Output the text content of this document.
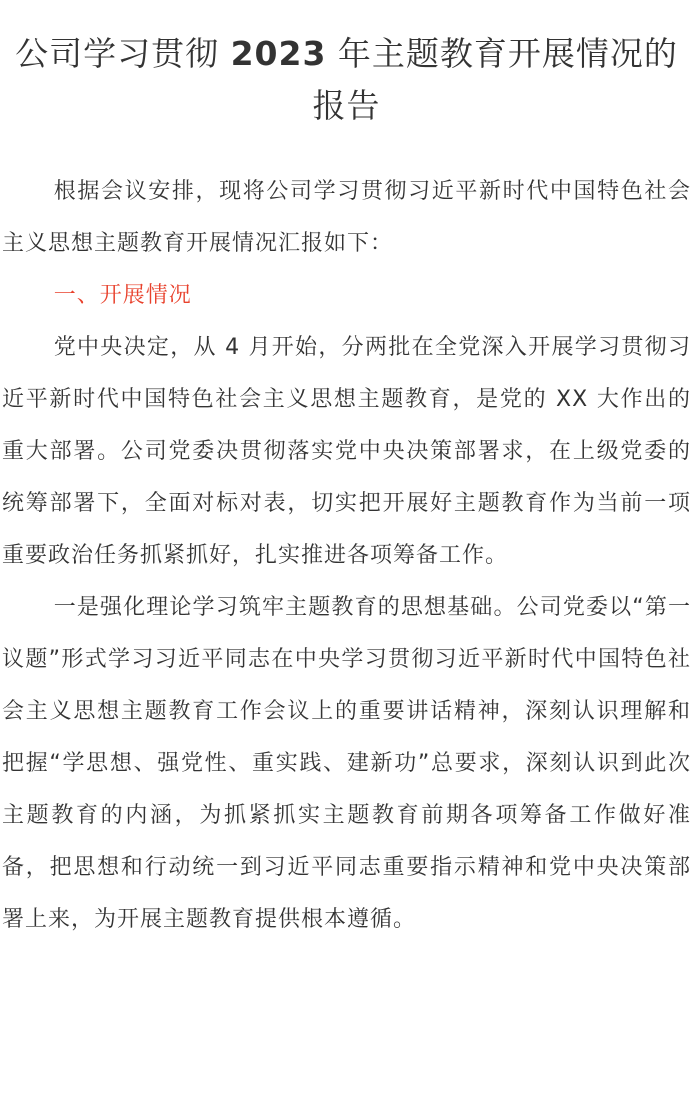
公司学习贯彻 2023 年主题教育开展情况的报告

根据会议安排，现将公司学习贯彻习近平新时代中国特色社会主义思想主题教育开展情况汇报如下：

一、开展情况

党中央决定，从 4 月开始，分两批在全党深入开展学习贯彻习近平新时代中国特色社会主义思想主题教育，是党的 XX 大作出的重大部署。公司党委决贯彻落实党中央决策部署求，在上级党委的统筹部署下，全面对标对表，切实把开展好主题教育作为当前一项重要政治任务抓紧抓好，扎实推进各项筹备工作。

一是强化理论学习筑牢主题教育的思想基础。公司党委以“第一议题”形式学习习近平同志在中央学习贯彻习近平新时代中国特色社会主义思想主题教育工作会议上的重要讲话精神，深刻认识理解和把握“学思想、强党性、重实践、建新功”总要求，深刻认识到此次主题教育的内涵，为抓紧抓实主题教育前期各项筹备工作做好准备，把思想和行动统一到习近平同志重要指示精神和党中央决策部署上来，为开展主题教育提供根本遵循。
